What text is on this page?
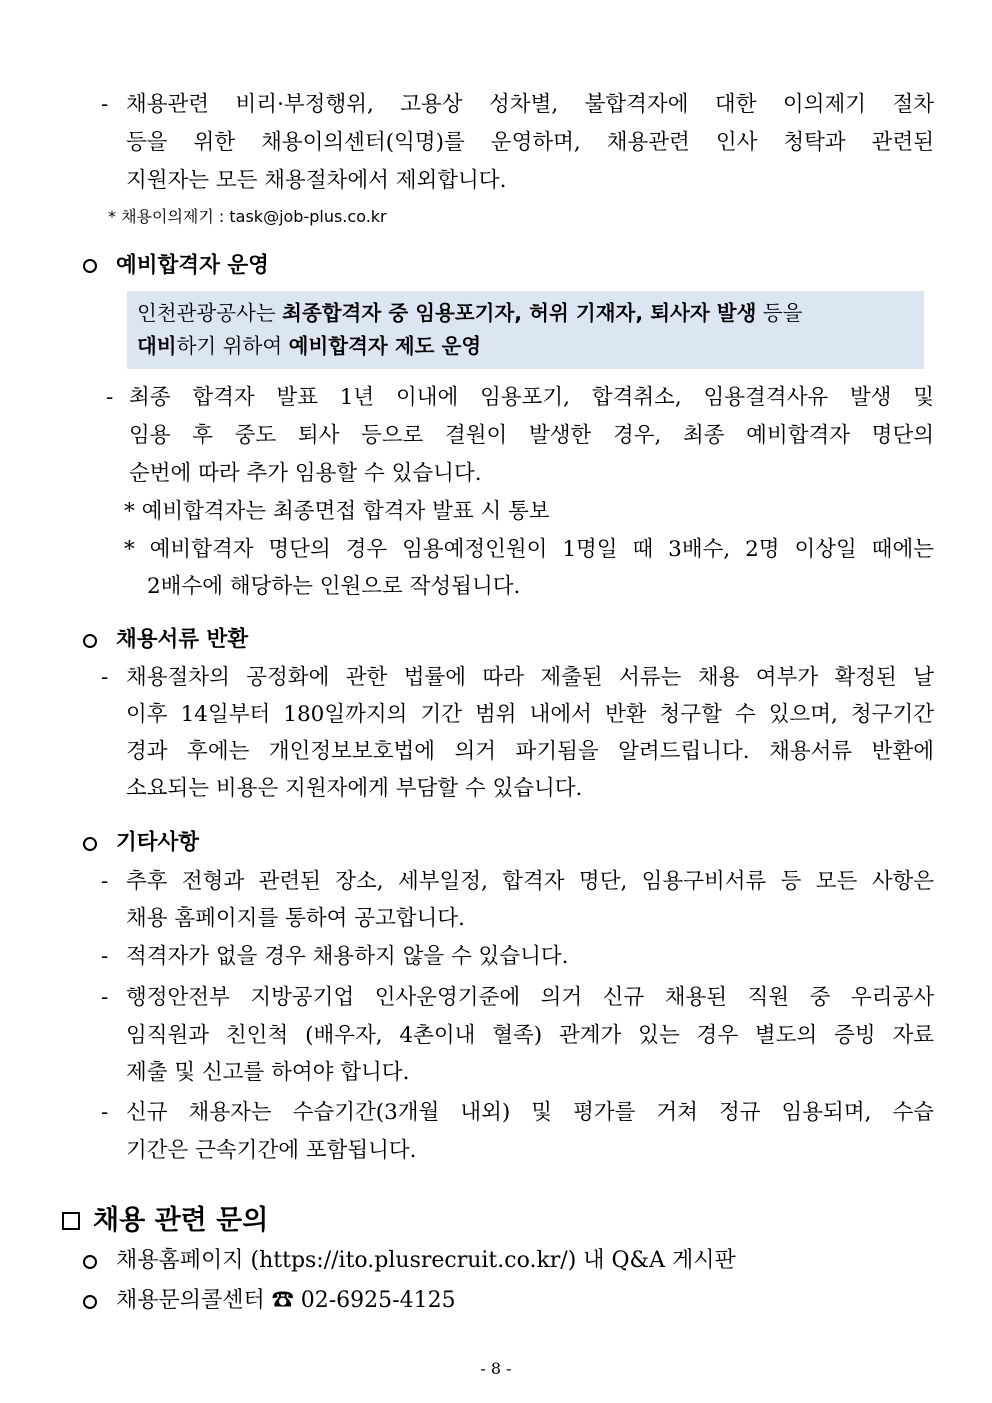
- 채용관련 비리·부정행위, 고용상 성차별, 불합격자에 대한 이의제기 절차
등을 위한 채용이의센터(익명)를 운영하며, 채용관련 인사 청탁과 관련된
지원자는 모든 채용절차에서 제외합니다.
* 채용이의제기 : task@job-plus.co.kr
예비합격자 운영
인천관광공사는 최종합격자 중 임용포기자, 허위 기재자, 퇴사자 발생 등을
대비하기 위하여 예비합격자 제도 운영
- 최종 합격자 발표 1년 이내에 임용포기, 합격취소, 임용결격사유 발생 및
임용 후 중도 퇴사 등으로 결원이 발생한 경우, 최종 예비합격자 명단의
순번에 따라 추가 임용할 수 있습니다.
* 예비합격자는 최종면접 합격자 발표 시 통보
* 예비합격자 명단의 경우 임용예정인원이 1명일 때 3배수, 2명 이상일 때에는
2배수에 해당하는 인원으로 작성됩니다.
채용서류 반환
- 채용절차의 공정화에 관한 법률에 따라 제출된 서류는 채용 여부가 확정된 날
이후 14일부터 180일까지의 기간 범위 내에서 반환 청구할 수 있으며, 청구기간
경과 후에는 개인정보보호법에 의거 파기됨을 알려드립니다. 채용서류 반환에
소요되는 비용은 지원자에게 부담할 수 있습니다.
기타사항
- 추후 전형과 관련된 장소, 세부일정, 합격자 명단, 임용구비서류 등 모든 사항은
채용 홈페이지를 통하여 공고합니다.
- 적격자가 없을 경우 채용하지 않을 수 있습니다.
- 행정안전부 지방공기업 인사운영기준에 의거 신규 채용된 직원 중 우리공사
임직원과 친인척 (배우자, 4촌이내 혈족) 관계가 있는 경우 별도의 증빙 자료
제출 및 신고를 하여야 합니다.
- 신규 채용자는 수습기간(3개월 내외) 및 평가를 거쳐 정규 임용되며, 수습
기간은 근속기간에 포함됩니다.
채용 관련 문의
채용홈페이지 (https://ito.plusrecruit.co.kr/) 내 Q&A 게시판
채용문의콜센터 ☎ 02-6925-4125
- 8 -
